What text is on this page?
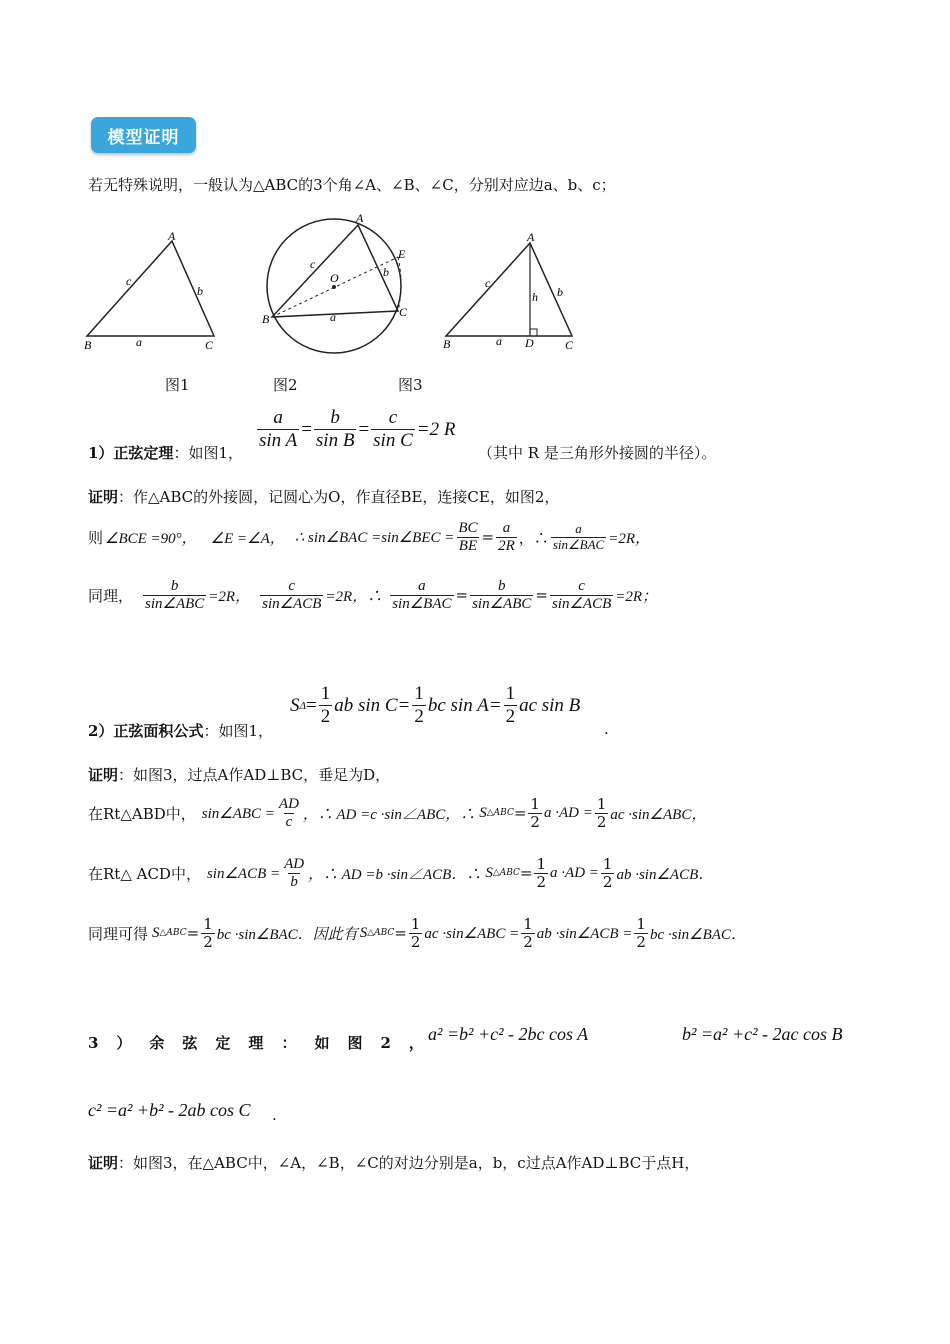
模型证明
若无特殊说明，一般认为△ABC的3个角∠A、∠B、∠C，分别对应边a、b、c；
A
B	C
a
b
c
A
B	C
E
O
a
b
c
A
B	C
D
h
a
b
c
图1	图2	图3
1）正弦定理：如图1，
$\frac{a}{\text{sin A}} = \frac{b}{\text{sin B}} = \frac{c}{\text{sin C}} =2$ R
（其中 R 是三角形外接圆的半径）。
证明：作△ABC的外接圆，记圆心为O，作直径BE，连接CE，如图2，
则 ∠BCE =90°， ∠E =∠A， ∴ sin∠BAC =sin∠BEC = $\frac{BC}{BE} = \frac{a}{2R}$ ，∴ $\frac{a}{\text{sin∠BAC}} =2R$，
同理， $\frac{b}{\text{sin∠ABC}} =2R$， $\frac{c}{\text{sin∠ACB}} =2R$，∴ $\frac{a}{\text{sin∠BAC}} = \frac{b}{\text{sin∠ABC}} = \frac{c}{\text{sin∠ACB}} =2R$；
2）正弦面积公式：如图1，
S $\Delta = \frac{1}{2}$ ab $\sin C= \frac{1}{2}$ bc $\sin A= \frac{1}{2}$ ac sin B
.
证明：如图3，过点A作AD⊥BC，垂足为D，
在Rt△ABD中， sin∠ABC = $\frac{AD}{c}$ ，∴ AD =c ·sin∠ABC，∴ S △ABC = $\frac{1}{2}$ $a \cdot AD = \frac{1}{2}$ ac ·sin∠ABC，
在Rt△ ACD中， sin∠ACB = $\frac{AD}{b}$ ，∴ AD =b ·sin∠ACB．∴ S △ABC = $\frac{1}{2}$ $a \cdot AD = \frac{1}{2}$ ab ·sin∠ACB．
同理可得 S △ABC = $\frac{1}{2}$ bc ·sin∠BAC．因此有 S △ABC = $\frac{1}{2}$ ac ·sin∠ABC = $\frac{1}{2}$ ab ·sin∠ACB = $\frac{1}{2}$ bc ·sin∠BAC．
3）余弦定理：如图2，
a² =b² +c² - 2bc cos A	b² =a² +c² - 2ac cos B
c² =a² +b² - 2ab cos C .
证明：如图3，在△ABC中，∠A，∠B，∠C的对边分别是a，b，c过点A作AD⊥BC于点H，
